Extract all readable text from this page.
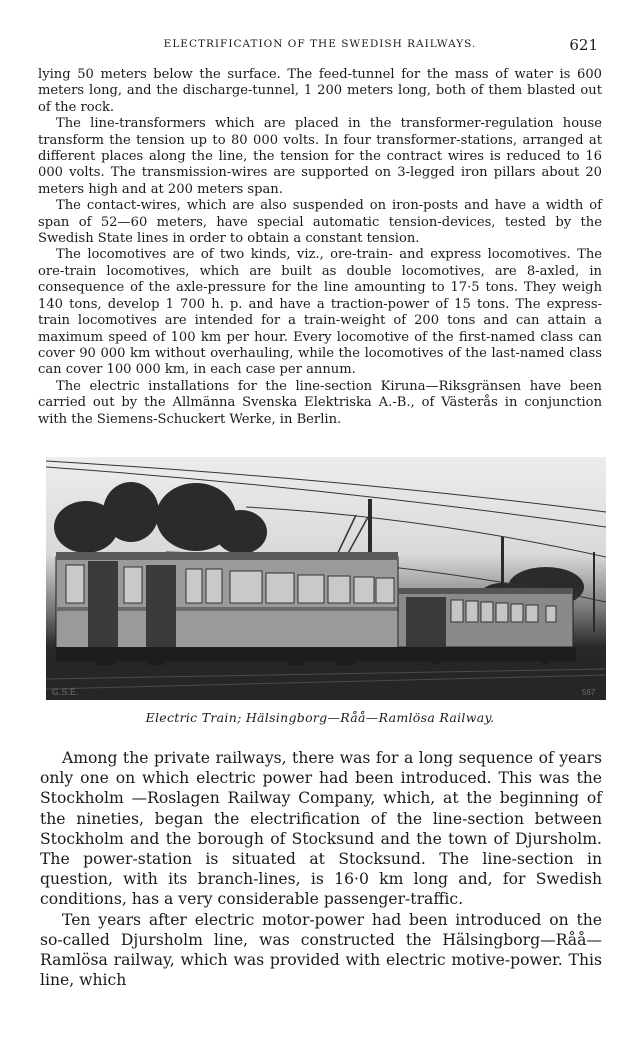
ELECTRIFICATION OF THE SWEDISH RAILWAYS.	621

lying 50 meters below the surface. The feed-tunnel for the mass of water is 600 meters long, and the discharge-tunnel, 1 200 meters long, both of them blasted out of the rock.

The line-transformers which are placed in the transformer-regulation house transform the tension up to 80 000 volts. In four transformer-stations, arranged at different places along the line, the tension for the contract wires is reduced to 16 000 volts. The transmission-wires are supported on 3-legged iron pillars about 20 meters high and at 200 meters span.

The contact-wires, which are also suspended on iron-posts and have a width of span of 52—60 meters, have special automatic tension-devices, tested by the Swedish State lines in order to obtain a constant tension.

The locomotives are of two kinds, viz., ore-train- and express locomotives. The ore-train locomotives, which are built as double locomotives, are 8-axled, in consequence of the axle-pressure for the line amounting to 17·5 tons. They weigh 140 tons, develop 1 700 h. p. and have a traction-power of 15 tons. The express-train locomotives are intended for a train-weight of 200 tons and can attain a maximum speed of 100 km per hour. Every locomotive of the first-named class can cover 90 000 km without overhauling, while the locomotives of the last-named class can cover 100 000 km, in each case per annum.

The electric installations for the line-section Kiruna—Riksgränsen have been carried out by the Allmänna Svenska Elektriska A.-B., of Västerås in conjunction with the Siemens-Schuckert Werke, in Berlin.

G.S.E.	567
Electric Train; Hälsingborg—Råå—Ramlösa Railway.

Among the private railways, there was for a long sequence of years only one on which electric power had been introduced. This was the Stockholm —Roslagen Railway Company, which, at the beginning of the nineties, began the electrification of the line-section between Stockholm and the borough of Stocksund and the town of Djursholm. The power-station is situated at Stocksund. The line-section in question, with its branch-lines, is 16·0 km long and, for Swedish conditions, has a very considerable passenger-traffic.

Ten years after electric motor-power had been introduced on the so-called Djursholm line, was constructed the Hälsingborg—Råå—Ramlösa railway, which was provided with electric motive-power. This line, which
